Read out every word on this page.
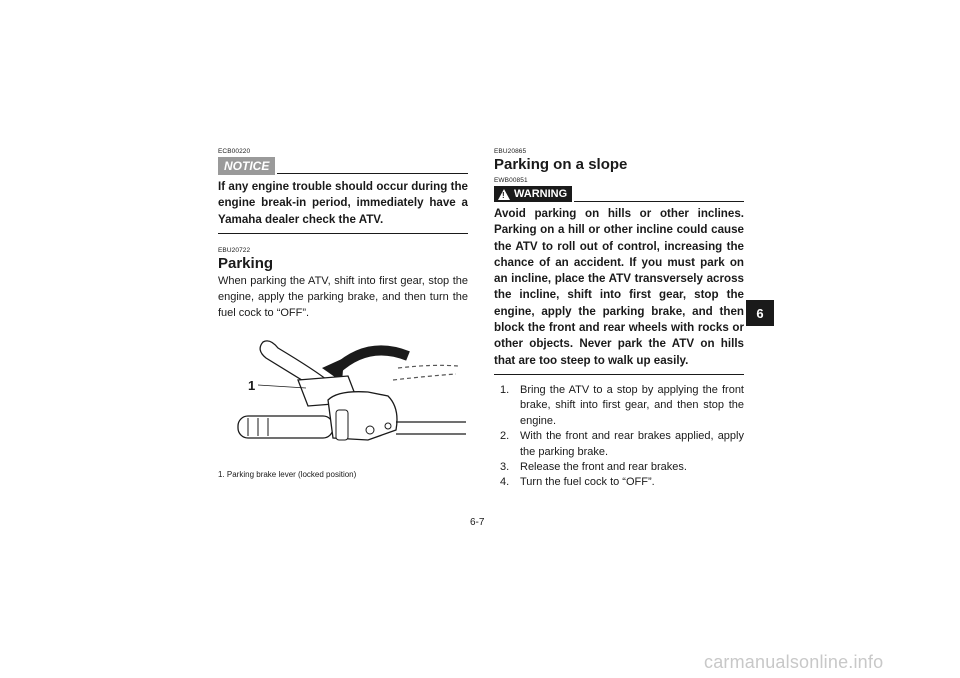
ECB00220

NOTICE

If any engine trouble should occur during the engine break-in period, immediately have a Yamaha dealer check the ATV.

EBU20722

Parking

When parking the ATV, shift into first gear, stop the engine, apply the parking brake, and then turn the fuel cock to “OFF”.

1
1. Parking brake lever (locked position)

EBU20865

Parking on a slope

EWB00851

! WARNING

Avoid parking on hills or other inclines. Parking on a hill or other incline could cause the ATV to roll out of control, increasing the chance of an accident. If you must park on an incline, place the ATV transversely across the incline, shift into first gear, stop the engine, apply the parking brake, and then block the front and rear wheels with rocks or other objects. Never park the ATV on hills that are too steep to walk up easily.

1. Bring the ATV to a stop by applying the front brake, shift into first gear, and then stop the engine.
2. With the front and rear brakes applied, apply the parking brake.
3. Release the front and rear brakes.
4. Turn the fuel cock to “OFF”.
6
6-7
carmanualsonline.info
